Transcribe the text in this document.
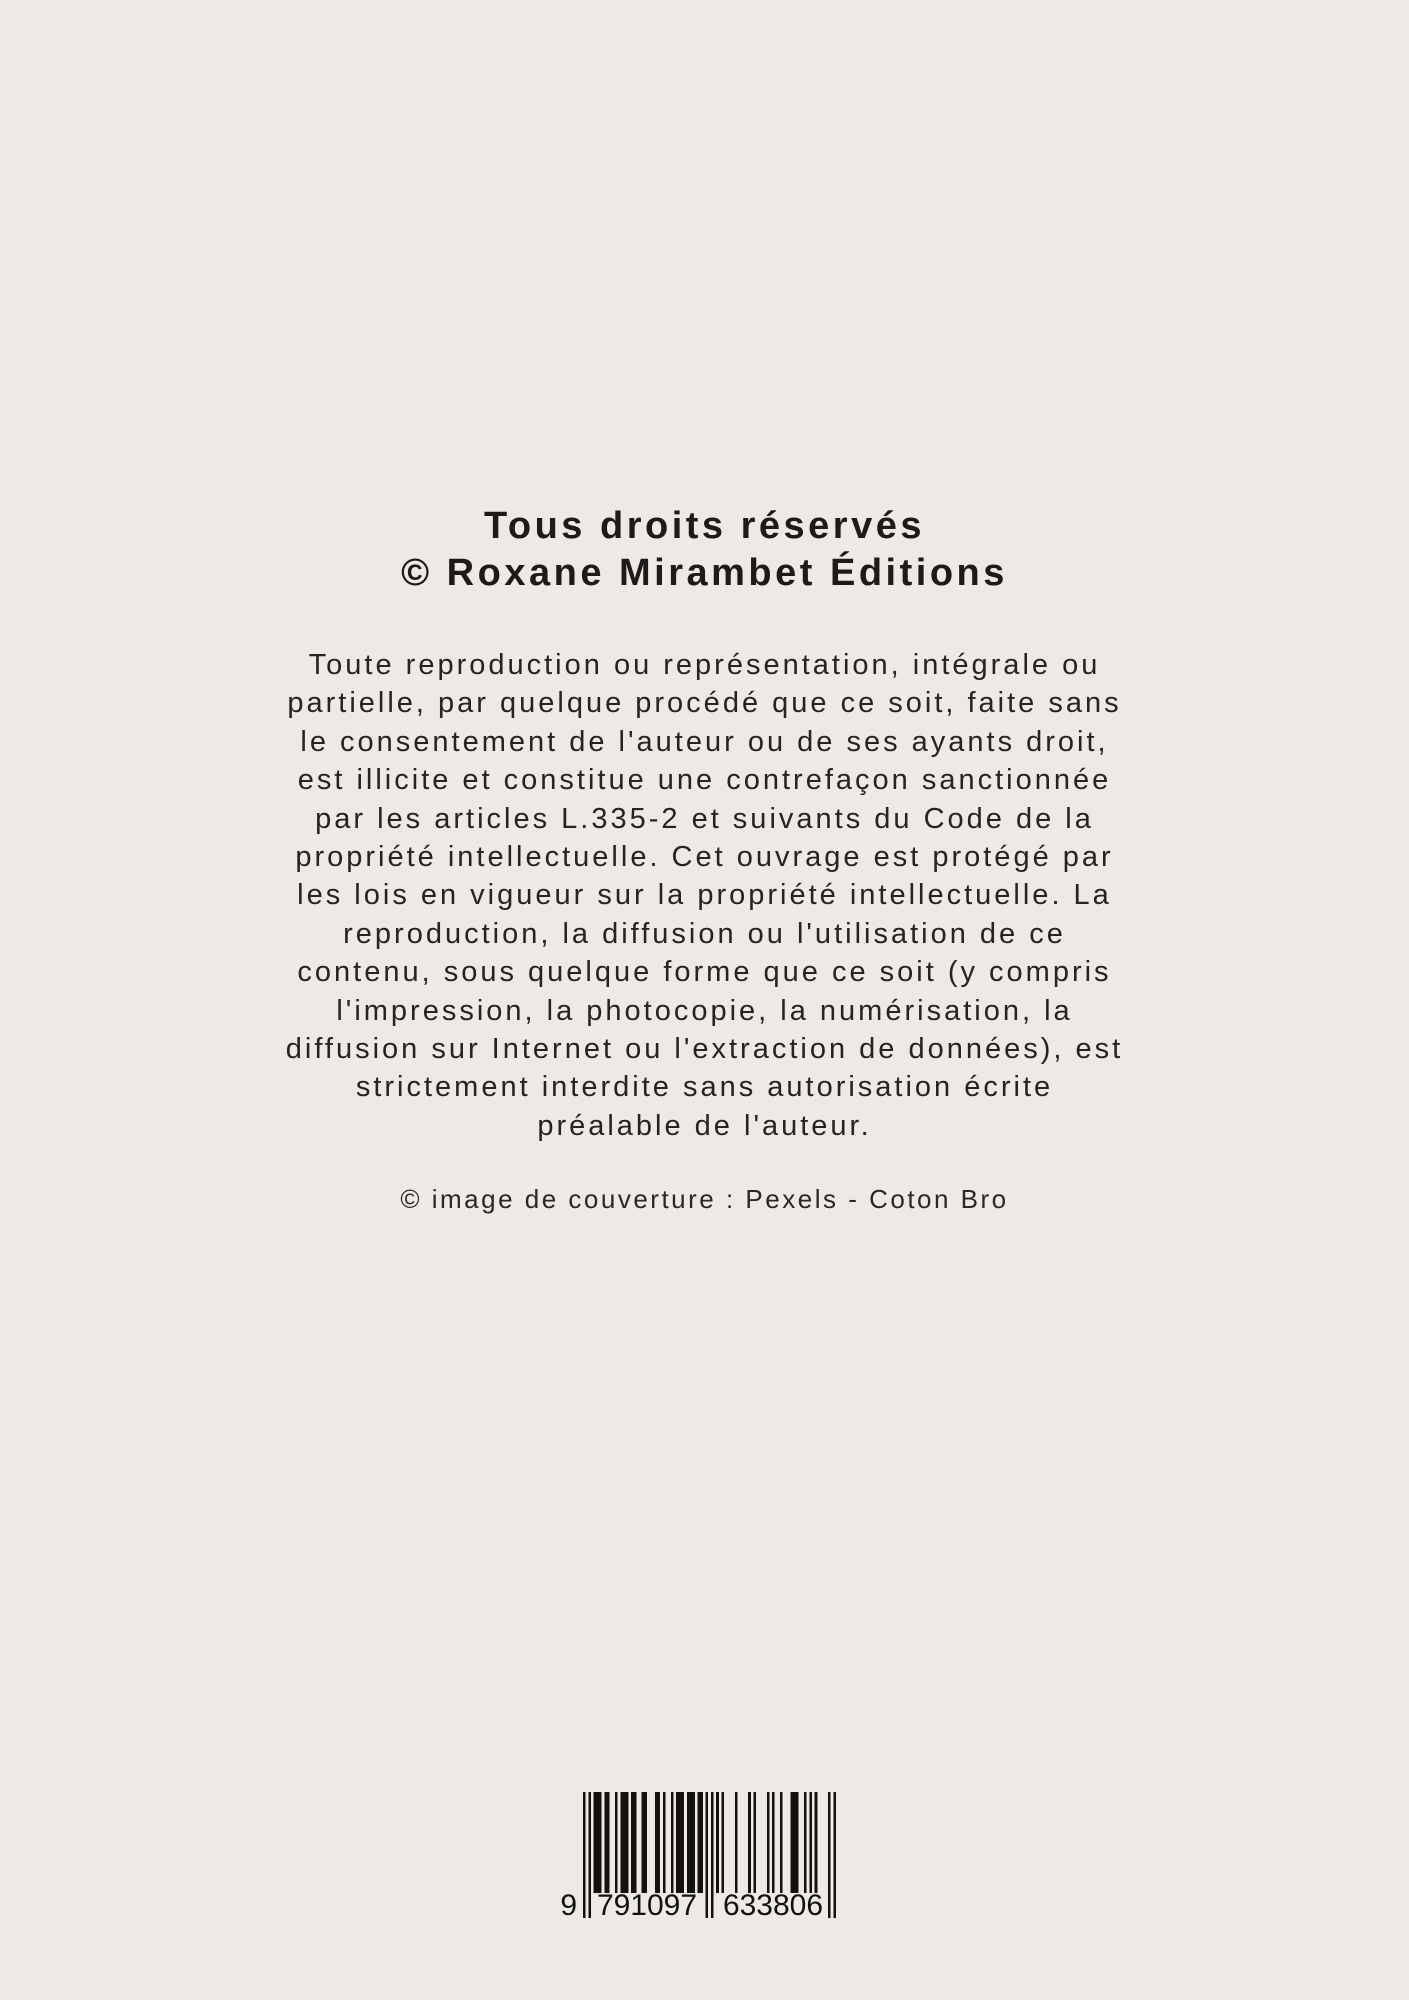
Tous droits réservés
© Roxane Mirambet Éditions
Toute reproduction ou représentation, intégrale ou
partielle, par quelque procédé que ce soit, faite sans
le consentement de l'auteur ou de ses ayants droit,
est illicite et constitue une contrefaçon sanctionnée
par les articles L.335-2 et suivants du Code de la
propriété intellectuelle. Cet ouvrage est protégé par
les lois en vigueur sur la propriété intellectuelle. La
reproduction, la diffusion ou l'utilisation de ce
contenu, sous quelque forme que ce soit (y compris
l'impression, la photocopie, la numérisation, la
diffusion sur Internet ou l'extraction de données), est
strictement interdite sans autorisation écrite
préalable de l'auteur.
© image de couverture : Pexels - Coton Bro
9 791097 633806
